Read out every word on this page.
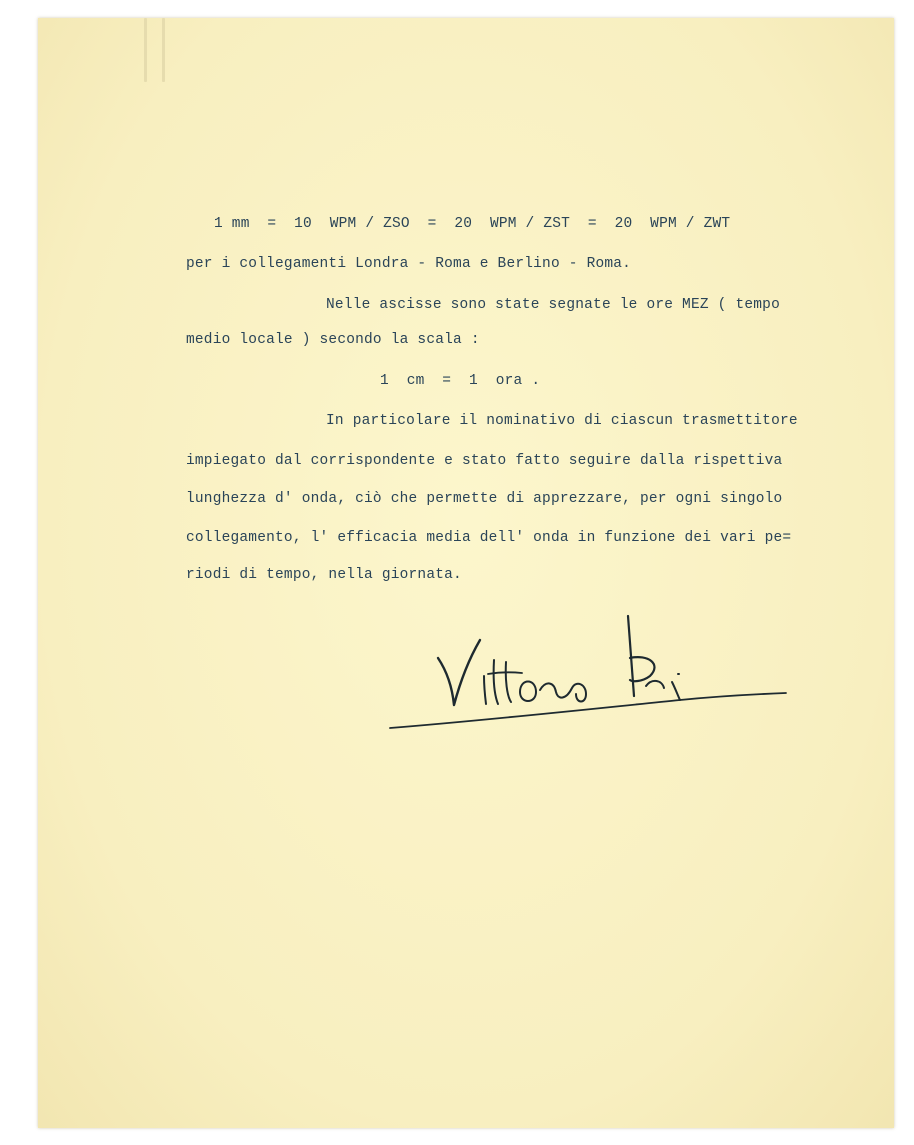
1 mm  =  10  WPM / ZSO  =  20  WPM / ZST  =  20  WPM / ZWT
per i collegamenti Londra - Roma e Berlino - Roma.
Nelle ascisse sono state segnate le ore MEZ ( tempo
medio locale ) secondo la scala :
1  cm  =  1  ora .
In particolare il nominativo di ciascun trasmettitore
impiegato dal corrispondente e stato fatto seguire dalla rispettiva
lunghezza d' onda, ciò che permette di apprezzare, per ogni singolo
collegamento, l' efficacia media dell' onda in funzione dei vari pe=
riodi di tempo, nella giornata.
